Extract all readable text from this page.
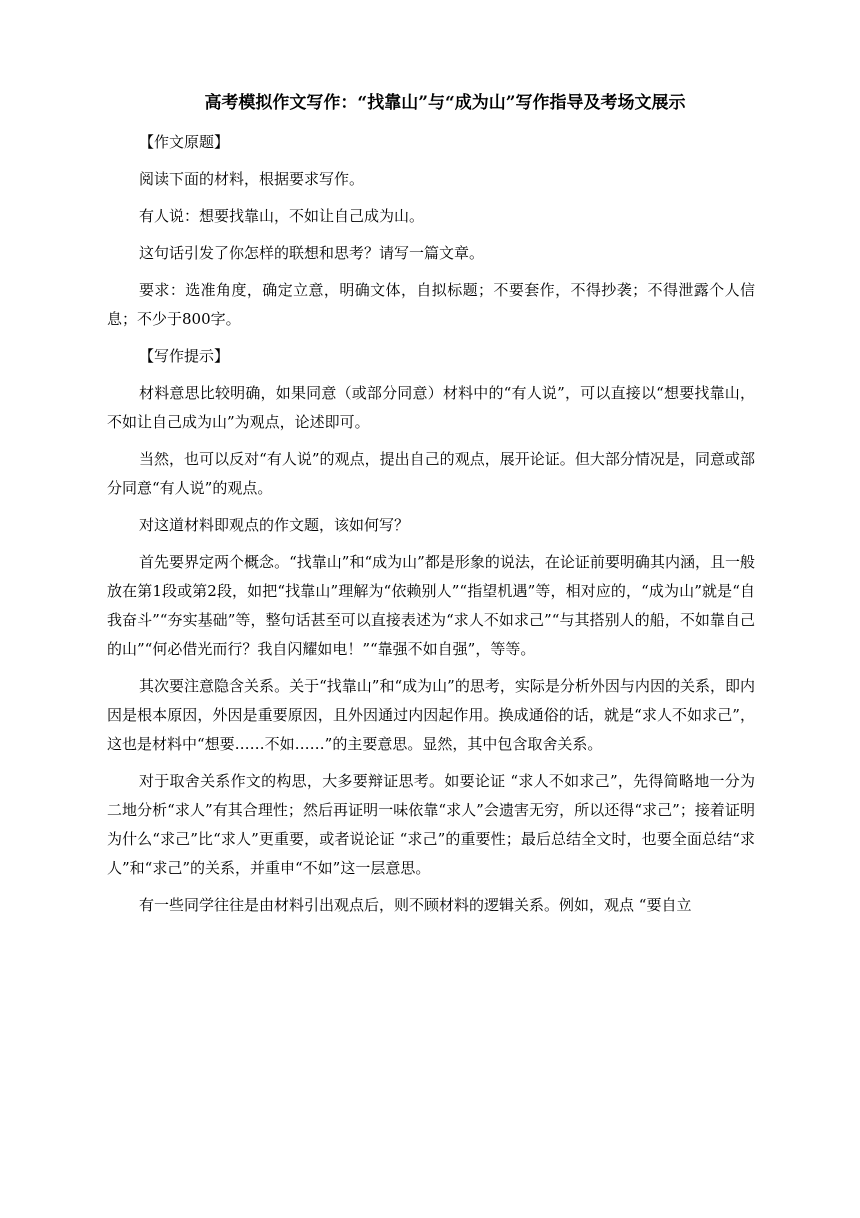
高考模拟作文写作：“找靠山”与“成为山”写作指导及考场文展示

【作文原题】

阅读下面的材料，根据要求写作。

有人说：想要找靠山，不如让自己成为山。

这句话引发了你怎样的联想和思考？请写一篇文章。

要求：选准角度，确定立意，明确文体，自拟标题；不要套作，不得抄袭；不得泄露个人信息；不少于800字。

【写作提示】

材料意思比较明确，如果同意（或部分同意）材料中的“有人说”，可以直接以“想要找靠山，不如让自己成为山”为观点，论述即可。

当然，也可以反对“有人说”的观点，提出自己的观点，展开论证。但大部分情况是，同意或部分同意“有人说”的观点。

对这道材料即观点的作文题，该如何写？

首先要界定两个概念。“找靠山”和“成为山”都是形象的说法，在论证前要明确其内涵，且一般放在第1段或第2段，如把“找靠山”理解为“依赖别人”“指望机遇”等，相对应的，“成为山”就是“自我奋斗”“夯实基础”等，整句话甚至可以直接表述为“求人不如求己”“与其搭别人的船，不如靠自己的山”“何必借光而行？我自闪耀如电！”“靠强不如自强”，等等。

其次要注意隐含关系。关于“找靠山”和“成为山”的思考，实际是分析外因与内因的关系，即内因是根本原因，外因是重要原因，且外因通过内因起作用。换成通俗的话，就是“求人不如求己”，这也是材料中“想要……不如……”的主要意思。显然，其中包含取舍关系。

对于取舍关系作文的构思，大多要辩证思考。如要论证 “求人不如求己”，先得简略地一分为二地分析“求人”有其合理性；然后再证明一味依靠“求人”会遗害无穷，所以还得“求己”；接着证明为什么“求己”比“求人”更重要，或者说论证 “求己”的重要性；最后总结全文时，也要全面总结“求人”和“求己”的关系，并重申“不如”这一层意思。

有一些同学往往是由材料引出观点后，则不顾材料的逻辑关系。例如，观点 “要自立
